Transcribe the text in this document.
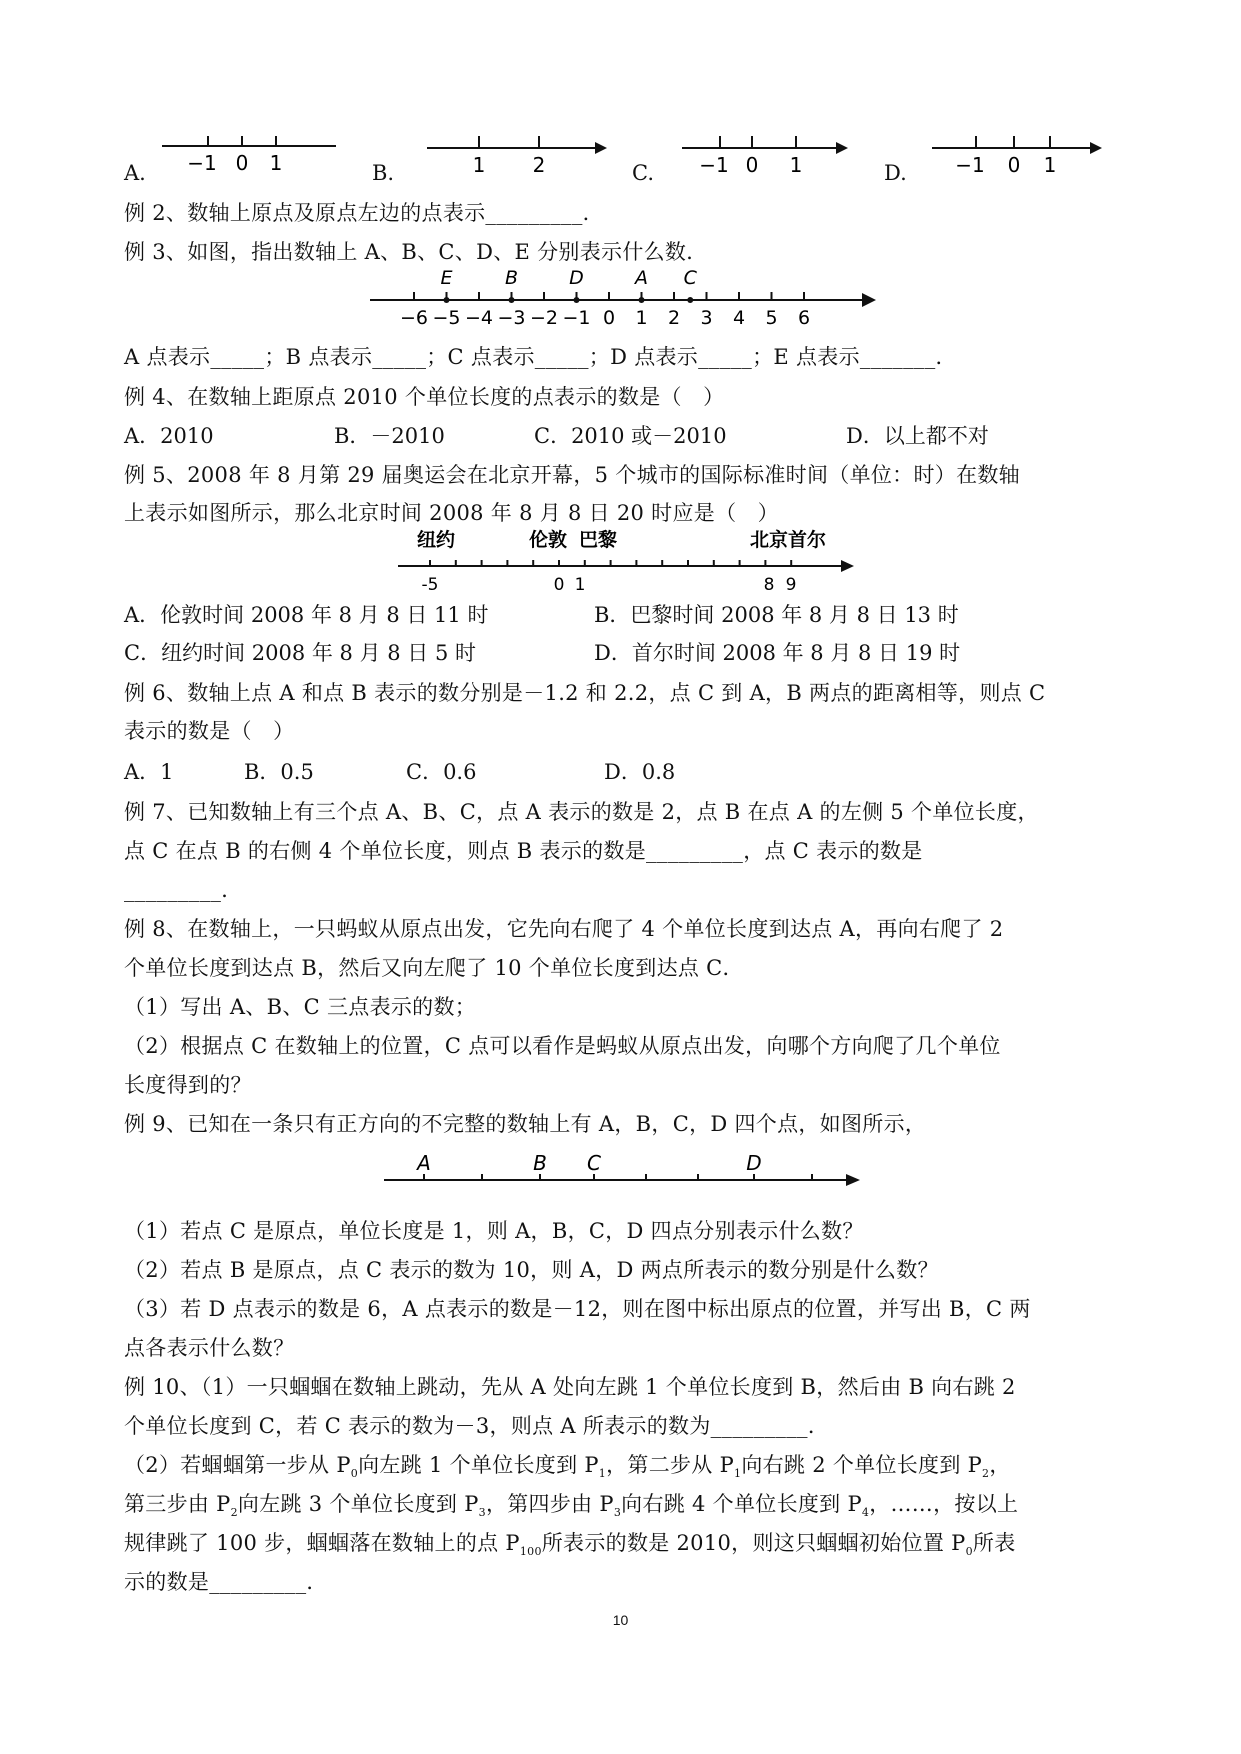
A. −1 0 1	B.	1 2	C. −1 0 1	D. −1 0 1
例 2、数轴上原点及原点左边的点表示_________．
例 3、如图，指出数轴上 A、B、C、D、E 分别表示什么数．
−6 −5 −4 −3 −2 −1 0 1 2 3 4 5 6
E	B	D	A C
A 点表示_____；B 点表示_____；C 点表示_____；D 点表示_____；E 点表示_______．
例 4、在数轴上距原点 2010 个单位长度的点表示的数是（　）
A．2010	B．－2010	C．2010 或－2010	D．以上都不对
例 5、2008 年 8 月第 29 届奥运会在北京开幕，5 个城市的国际标准时间（单位：时）在数轴
上表示如图所示，那么北京时间 2008 年 8 月 8 日 20 时应是（　）
纽约	伦敦 巴黎	北京首尔
-5	0 1	8 9
A．伦敦时间 2008 年 8 月 8 日 11 时	B．巴黎时间 2008 年 8 月 8 日 13 时
C．纽约时间 2008 年 8 月 8 日 5 时	D．首尔时间 2008 年 8 月 8 日 19 时
例 6、数轴上点 A 和点 B 表示的数分别是－1.2 和 2.2，点 C 到 A，B 两点的距离相等，则点 C
表示的数是（　）
A．1	B．0.5	C．0.6	D．0.8
例 7、已知数轴上有三个点 A、B、C，点 A 表示的数是 2，点 B 在点 A 的左侧 5 个单位长度，
点 C 在点 B 的右侧 4 个单位长度，则点 B 表示的数是_________，点 C 表示的数是
_________．
例 8、在数轴上，一只蚂蚁从原点出发，它先向右爬了 4 个单位长度到达点 A，再向右爬了 2
个单位长度到达点 B，然后又向左爬了 10 个单位长度到达点 C．
（1）写出 A、B、C 三点表示的数；
（2）根据点 C 在数轴上的位置，C 点可以看作是蚂蚁从原点出发，向哪个方向爬了几个单位
长度得到的？
例 9、已知在一条只有正方向的不完整的数轴上有 A，B，C，D 四个点，如图所示，
A	B C	D
（1）若点 C 是原点，单位长度是 1，则 A，B，C，D 四点分别表示什么数？
（2）若点 B 是原点，点 C 表示的数为 10，则 A，D 两点所表示的数分别是什么数？
（3）若 D 点表示的数是 6，A 点表示的数是－12，则在图中标出原点的位置，并写出 B，C 两
点各表示什么数？
例 10、（1）一只蝈蝈在数轴上跳动，先从 A 处向左跳 1 个单位长度到 B，然后由 B 向右跳 2
个单位长度到 C，若 C 表示的数为－3，则点 A 所表示的数为_________．
（2）若蝈蝈第一步从 $P_0$向左跳 1 个单位长度到 $P_1$，第二步从 $P_1$向右跳 2 个单位长度到 $P_2$，
第三步由 $P_2$向左跳 3 个单位长度到 $P_3$，第四步由 $P_3$向右跳 4 个单位长度到 $P_4$，……，按以上
规律跳了 100 步，蝈蝈落在数轴上的点 $P_{100}$所表示的数是 2010，则这只蝈蝈初始位置 $P_0$所表
示的数是_________．
10
